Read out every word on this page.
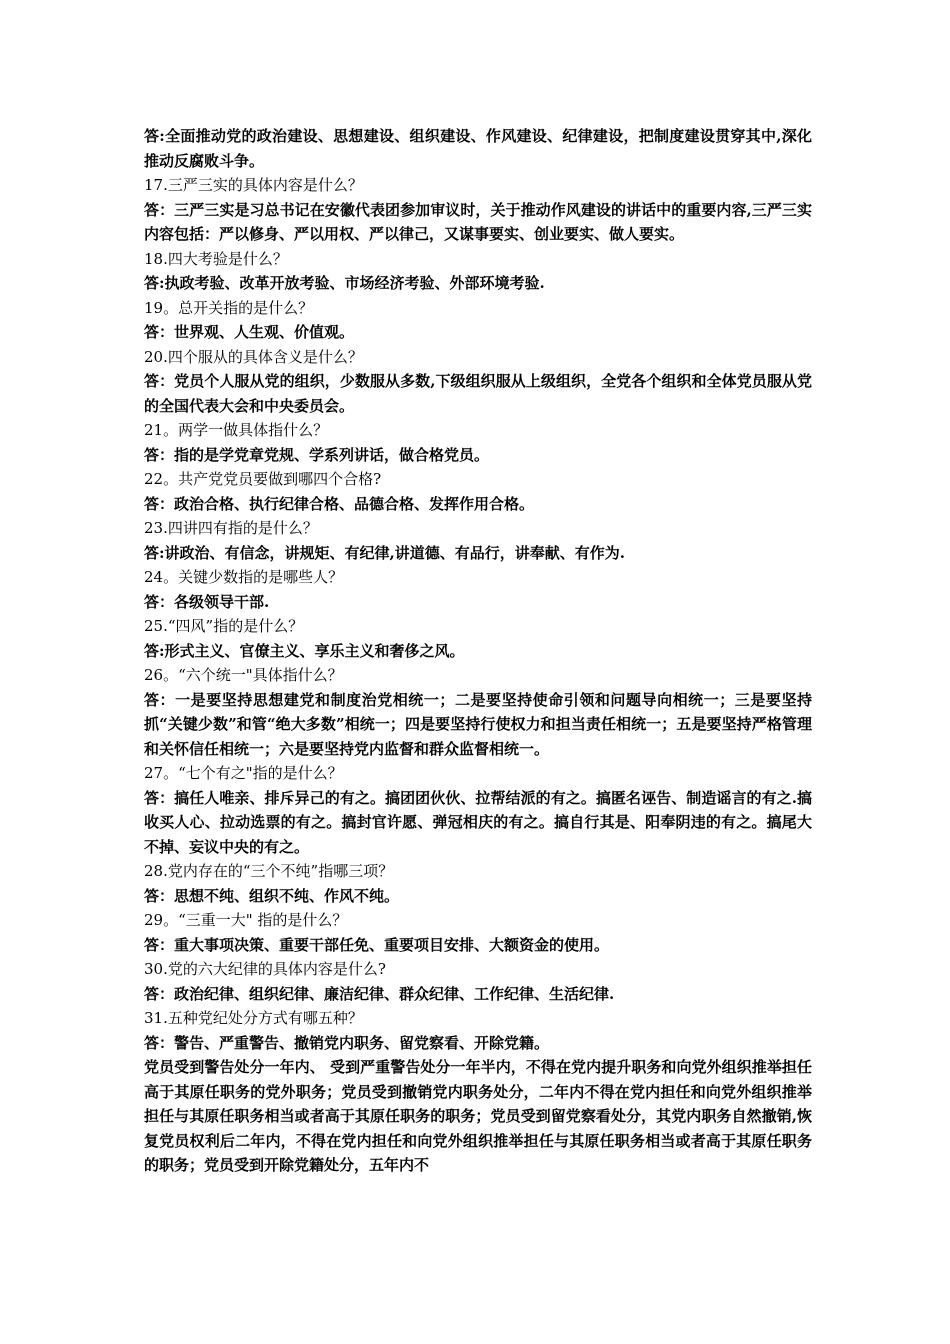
答:全面推动党的政治建设、思想建设、组织建设、作风建设、纪律建设，把制度建设贯穿其中,深化推动反腐败斗争。

17.三严三实的具体内容是什么？

答：三严三实是习总书记在安徽代表团参加审议时，关于推动作风建设的讲话中的重要内容,三严三实内容包括：严以修身、严以用权、严以律己，又谋事要实、创业要实、做人要实。

18.四大考验是什么？

答:执政考验、改革开放考验、市场经济考验、外部环境考验.

19。总开关指的是什么？

答：世界观、人生观、价值观。

20.四个服从的具体含义是什么？

答：党员个人服从党的组织，少数服从多数,下级组织服从上级组织，全党各个组织和全体党员服从党的全国代表大会和中央委员会。

21。两学一做具体指什么？

答：指的是学党章党规、学系列讲话，做合格党员。

22。共产党党员要做到哪四个合格?

答：政治合格、执行纪律合格、品德合格、发挥作用合格。

23.四讲四有指的是什么？

答:讲政治、有信念，讲规矩、有纪律,讲道德、有品行，讲奉献、有作为.

24。关键少数指的是哪些人？

答：各级领导干部.

25.“四风”指的是什么？

答:形式主义、官僚主义、享乐主义和奢侈之风。

26。“六个统一"具体指什么？

答：一是要坚持思想建党和制度治党相统一；二是要坚持使命引领和问题导向相统一；三是要坚持抓“关键少数”和管“绝大多数”相统一；四是要坚持行使权力和担当责任相统一；五是要坚持严格管理和关怀信任相统一；六是要坚持党内监督和群众监督相统一。

27。“七个有之"指的是什么？

答：搞任人唯亲、排斥异己的有之。搞团团伙伙、拉帮结派的有之。搞匿名诬告、制造谣言的有之.搞收买人心、拉动选票的有之。搞封官许愿、弹冠相庆的有之。搞自行其是、阳奉阴违的有之。搞尾大不掉、妄议中央的有之。

28.党内存在的“三个不纯”指哪三项？

答：思想不纯、组织不纯、作风不纯。

29。“三重一大" 指的是什么？

答：重大事项决策、重要干部任免、重要项目安排、大额资金的使用。

30.党的六大纪律的具体内容是什么?

答：政治纪律、组织纪律、廉洁纪律、群众纪律、工作纪律、生活纪律.

31.五种党纪处分方式有哪五种？

答：警告、严重警告、撤销党内职务、留党察看、开除党籍。

党员受到警告处分一年内、 受到严重警告处分一年半内，不得在党内提升职务和向党外组织推举担任高于其原任职务的党外职务；党员受到撤销党内职务处分，二年内不得在党内担任和向党外组织推举担任与其原任职务相当或者高于其原任职务的职务；党员受到留党察看处分，其党内职务自然撤销,恢复党员权利后二年内，不得在党内担任和向党外组织推举担任与其原任职务相当或者高于其原任职务的职务；党员受到开除党籍处分，五年内不
